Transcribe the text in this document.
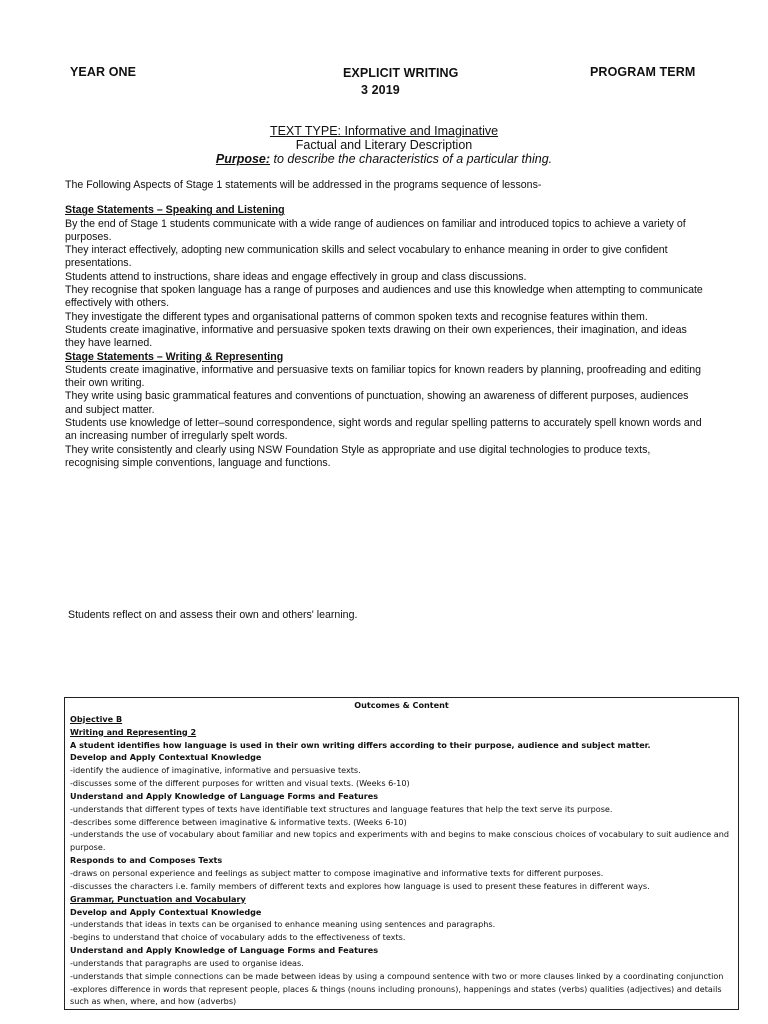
YEAR ONE	EXPLICIT WRITING
3 2019
PROGRAM TERM
TEXT TYPE: Informative and Imaginative
Factual and Literary Description
Purpose: to describe the characteristics of a particular thing.

The Following Aspects of Stage 1 statements will be addressed in the programs sequence of lessons-

Stage Statements – Speaking and Listening

By the end of Stage 1 students communicate with a wide range of audiences on familiar and introduced topics to achieve a variety of purposes.

They interact effectively, adopting new communication skills and select vocabulary to enhance meaning in order to give confident presentations.

Students attend to instructions, share ideas and engage effectively in group and class discussions.

They recognise that spoken language has a range of purposes and audiences and use this knowledge when attempting to communicate effectively with others.

They investigate the different types and organisational patterns of common spoken texts and recognise features within them.

Students create imaginative, informative and persuasive spoken texts drawing on their own experiences, their imagination, and ideas they have learned.

Stage Statements – Writing & Representing

Students create imaginative, informative and persuasive texts on familiar topics for known readers by planning, proofreading and editing their own writing.

They write using basic grammatical features and conventions of punctuation, showing an awareness of different purposes, audiences and subject matter.

Students use knowledge of letter–sound correspondence, sight words and regular spelling patterns to accurately spell known words and an increasing number of irregularly spelt words.

They write consistently and clearly using NSW Foundation Style as appropriate and use digital technologies to produce texts, recognising simple conventions, language and functions.

Students reflect on and assess their own and others' learning.
Outcomes & Content
Objective B
Writing and Representing 2
A student identifies how language is used in their own writing differs according to their purpose, audience and subject matter.
Develop and Apply Contextual Knowledge
-identify the audience of imaginative, informative and persuasive texts.
-discusses some of the different purposes for written and visual texts. (Weeks 6-10)
Understand and Apply Knowledge of Language Forms and Features
-understands that different types of texts have identifiable text structures and language features that help the text serve its purpose.
-describes some difference between imaginative & informative texts. (Weeks 6-10)
-understands the use of vocabulary about familiar and new topics and experiments with and begins to make conscious choices of vocabulary to suit audience and purpose.
Responds to and Composes Texts
-draws on personal experience and feelings as subject matter to compose imaginative and informative texts for different purposes.
-discusses the characters i.e. family members of different texts and explores how language is used to present these features in different ways.
Grammar, Punctuation and Vocabulary
Develop and Apply Contextual Knowledge
-understands that ideas in texts can be organised to enhance meaning using sentences and paragraphs.
-begins to understand that choice of vocabulary adds to the effectiveness of texts.
Understand and Apply Knowledge of Language Forms and Features
-understands that paragraphs are used to organise ideas.
-understands that simple connections can be made between ideas by using a compound sentence with two or more clauses linked by a coordinating conjunction
-explores difference in words that represent people, places & things (nouns including pronouns), happenings and states (verbs) qualities (adjectives) and details such as when, where, and how (adverbs)
